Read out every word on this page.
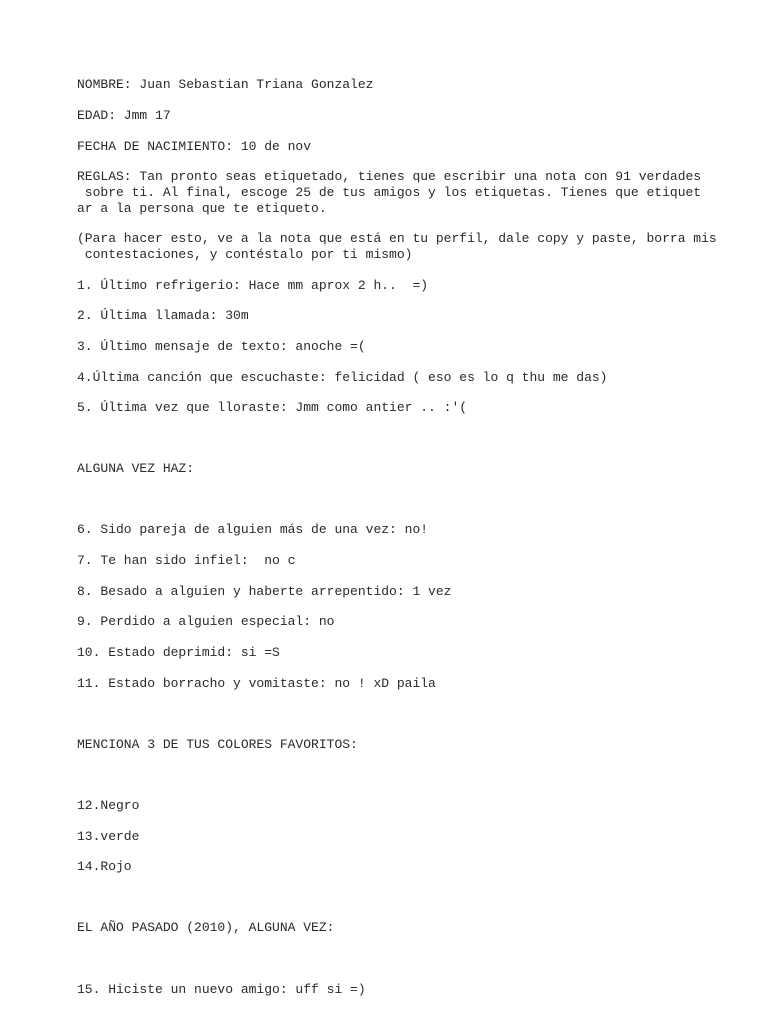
NOMBRE: Juan Sebastian Triana Gonzalez

EDAD: Jmm 17

FECHA DE NACIMIENTO: 10 de nov

REGLAS: Tan pronto seas etiquetado, tienes que escribir una nota con 91 verdades

sobre ti. Al final, escoge 25 de tus amigos y los etiquetas. Tienes que etiquet

ar a la persona que te etiqueto.

(Para hacer esto, ve a la nota que está en tu perfil, dale copy y paste, borra mis

contestaciones, y contéstalo por ti mismo)

1. Último refrigerio: Hace mm aprox 2 h..  =)

2. Última llamada: 30m

3. Último mensaje de texto: anoche =(

4.Última canción que escuchaste: felicidad ( eso es lo q thu me das)

5. Última vez que lloraste: Jmm como antier .. :'(

ALGUNA VEZ HAZ:

6. Sido pareja de alguien más de una vez: no!

7. Te han sido infiel:  no c

8. Besado a alguien y haberte arrepentido: 1 vez

9. Perdido a alguien especial: no

10. Estado deprimid: si =S

11. Estado borracho y vomitaste: no ! xD paila

MENCIONA 3 DE TUS COLORES FAVORITOS:

12.Negro

13.verde

14.Rojo

EL AÑO PASADO (2010), ALGUNA VEZ:

15. Hiciste un nuevo amigo: uff si =)
